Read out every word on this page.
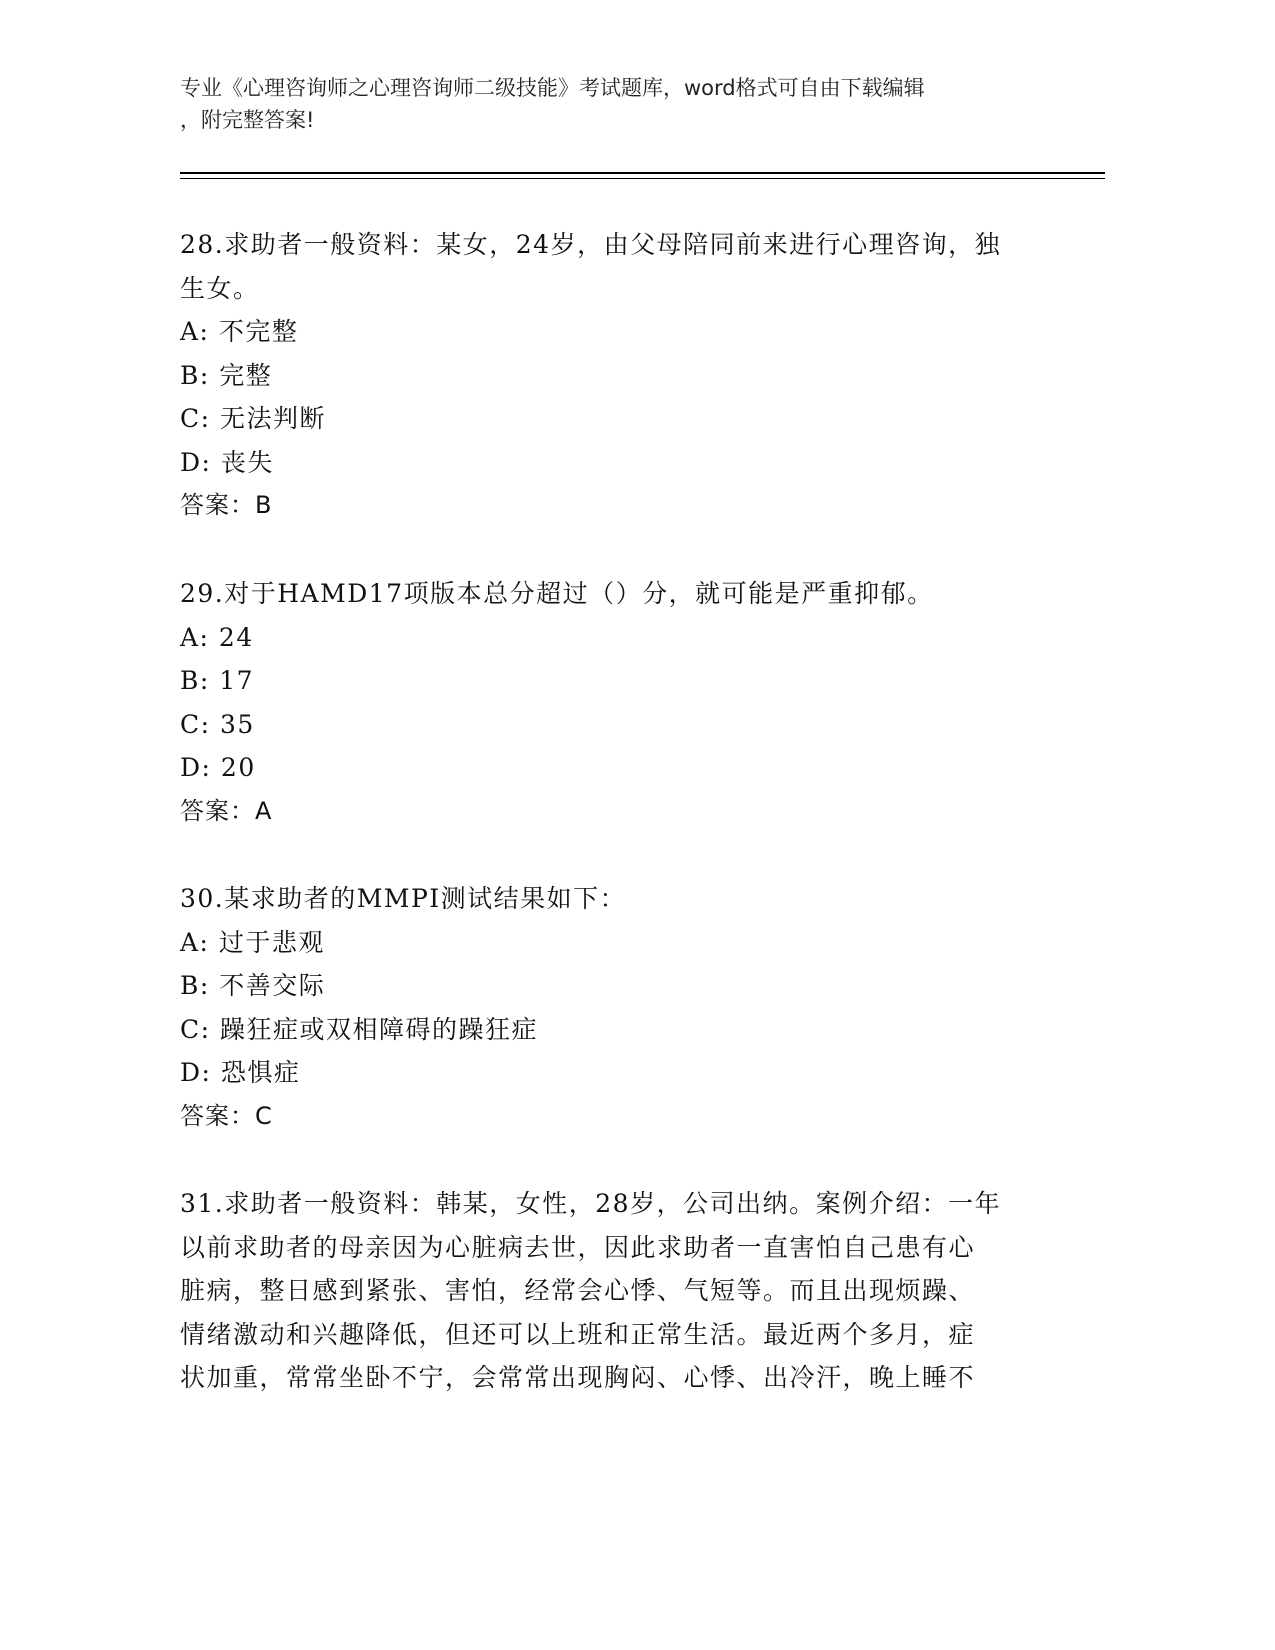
专业《心理咨询师之心理咨询师二级技能》考试题库，word格式可自由下载编辑
，附完整答案!
28.求助者一般资料：某女，24岁，由父母陪同前来进行心理咨询，独
生女。
A: 不完整
B: 完整
C: 无法判断
D: 丧失
答案：B
29.对于HAMD17项版本总分超过（）分，就可能是严重抑郁。
A: 24
B: 17
C: 35
D: 20
答案：A
30.某求助者的MMPI测试结果如下：
A: 过于悲观
B: 不善交际
C: 躁狂症或双相障碍的躁狂症
D: 恐惧症
答案：C
31.求助者一般资料：韩某，女性，28岁，公司出纳。案例介绍：一年
以前求助者的母亲因为心脏病去世，因此求助者一直害怕自己患有心
脏病，整日感到紧张、害怕，经常会心悸、气短等。而且出现烦躁、
情绪激动和兴趣降低，但还可以上班和正常生活。最近两个多月，症
状加重，常常坐卧不宁，会常常出现胸闷、心悸、出冷汗，晚上睡不
